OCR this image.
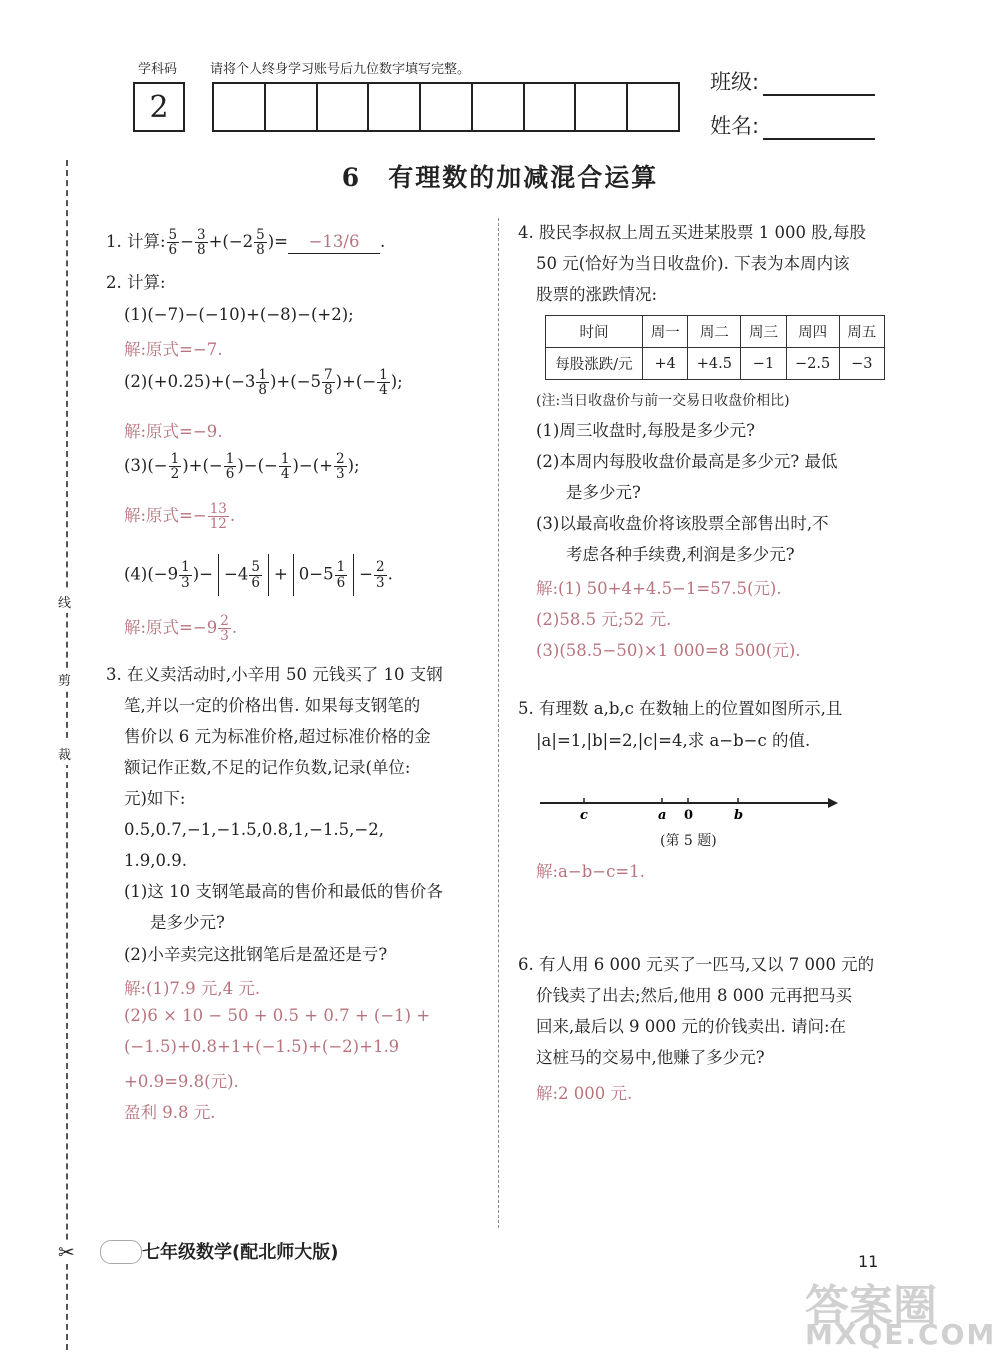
学科码	请将个人终身学习账号后九位数字填写完整。
2
班级:
姓名:
6　有理数的加减混合运算
线
剪
裁
✂
1. 计算: $\frac{5}{6} - \frac{3}{8} +(-2 \frac{5}{8}$ )= −13/6 .
2. 计算:
(1)(−7)−(−10)+(−8)−(+2);
解:原式=−7.
$(2)(+0.25)+(-3 \frac{1}{8} )+(-5 \frac{7}{8}$ )+(− $\frac{1}{4}$ );
解:原式=−9.
$(3)(- \frac{1}{2}$ )+(− $\frac{1}{6}$ )−(− $\frac{1}{4}$ )−(+ $\frac{2}{3}$ );
解:原式=− $\frac{13}{12}$ .
$(4)(-9 \frac{1}{3}$ )− $-4 \frac{5}{6} + 0-5 \frac{1}{6} - \frac{2}{3}$ .
解:原式$=-9 \frac{2}{3}$ .
3. 在义卖活动时,小辛用 50 元钱买了 10 支钢
笔,并以一定的价格出售. 如果每支钢笔的
售价以 6 元为标准价格,超过标准价格的金
额记作正数,不足的记作负数,记录(单位:
元)如下:
0.5,0.7,−1,−1.5,0.8,1,−1.5,−2,
1.9,0.9.
(1)这 10 支钢笔最高的售价和最低的售价各
是多少元?
(2)小辛卖完这批钢笔后是盈还是亏?
解:(1)7.9 元,4 元.
(2)6 × 10 − 50 + 0.5 + 0.7 + (−1) +
(−1.5)+0.8+1+(−1.5)+(−2)+1.9
+0.9=9.8(元).
盈利 9.8 元.
4. 股民李叔叔上周五买进某股票 1 000 股,每股
50 元(恰好为当日收盘价). 下表为本周内该
股票的涨跌情况:
时间	周一	周二	周三	周四	周五
每股涨跌/元	+4	+4.5	−1	−2.5	−3
(注:当日收盘价与前一交易日收盘价相比)
(1)周三收盘时,每股是多少元?
(2)本周内每股收盘价最高是多少元? 最低
是多少元?
(3)以最高收盘价将该股票全部售出时,不
考虑各种手续费,利润是多少元?
解:(1) 50+4+4.5−1=57.5(元).
(2)58.5 元;52 元.
(3)(58.5−50)×1 000=8 500(元).
5. 有理数 a,b,c 在数轴上的位置如图所示,且
|a|=1,|b|=2,|c|=4,求 a−b−c 的值.
c	a 0	b
(第 5 题)
解:a−b−c=1.
6. 有人用 6 000 元买了一匹马,又以 7 000 元的
价钱卖了出去;然后,他用 8 000 元再把马买
回来,最后以 9 000 元的价钱卖出. 请问:在
这桩马的交易中,他赚了多少元?
解:2 000 元.
七年级数学(配北师大版)	11
答案圈
MXQE.COM
